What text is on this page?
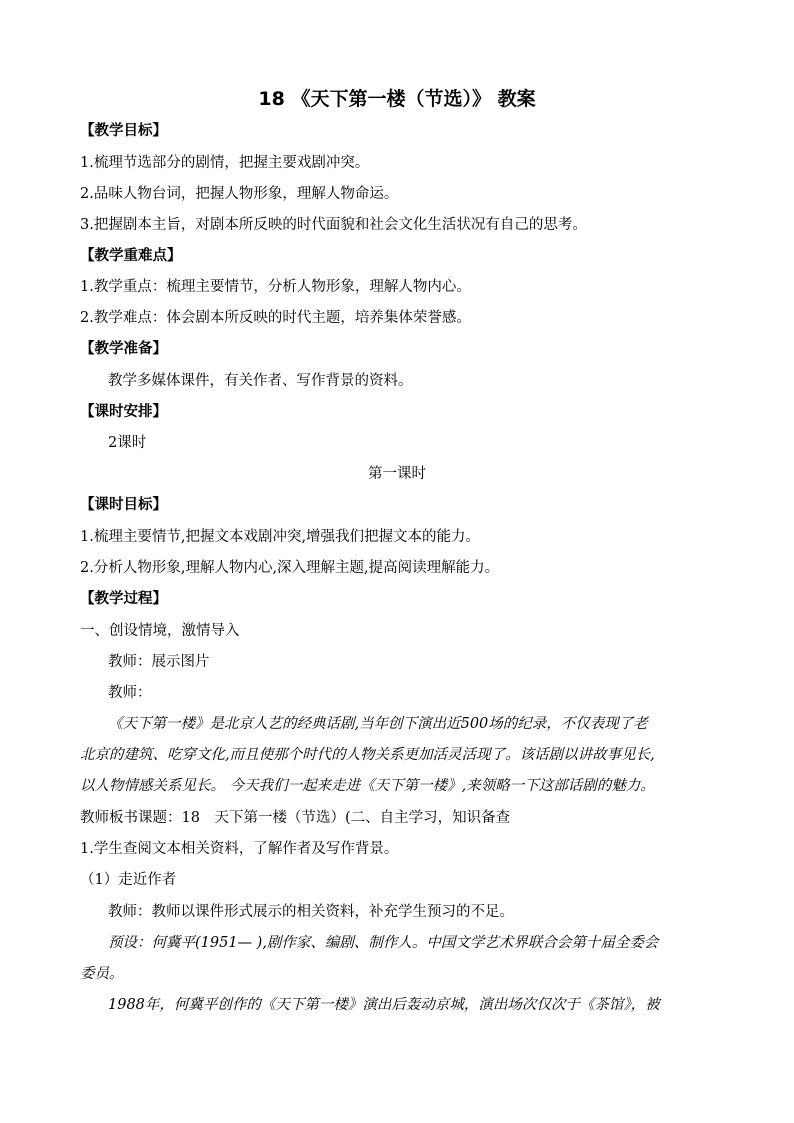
18 《天下第一楼（节选）》 教案
【教学目标】
1.梳理节选部分的剧情，把握主要戏剧冲突。
2.品味人物台词，把握人物形象，理解人物命运。
3.把握剧本主旨，对剧本所反映的时代面貌和社会文化生活状况有自己的思考。
【教学重难点】
1.教学重点：梳理主要情节，分析人物形象，理解人物内心。
2.教学难点：体会剧本所反映的时代主题，培养集体荣誉感。
【教学准备】
教学多媒体课件，有关作者、写作背景的资料。
【课时安排】
2课时
第一课时
【课时目标】
1.梳理主要情节,把握文本戏剧冲突,增强我们把握文本的能力。
2.分析人物形象,理解人物内心,深入理解主题,提高阅读理解能力。
【教学过程】
一、创设情境，激情导入
教师：展示图片
教师：
《天下第一楼》是北京人艺的经典话剧,当年创下演出近500场的纪录，不仅表现了老
北京的建筑、吃穿文化,而且使那个时代的人物关系更加活灵活现了。该话剧以讲故事见长,
以人物情感关系见长。 今天我们一起来走进《天下第一楼》,来领略一下这部话剧的魅力。
教师板书课题：18　天下第一楼（节选）(二、自主学习，知识备查
1.学生查阅文本相关资料，了解作者及写作背景。
（1）走近作者
教师：教师以课件形式展示的相关资料，补充学生预习的不足。
预设：何冀平(1951— ),剧作家、编剧、制作人。中国文学艺术界联合会第十届全委会
委员。
1988年，何冀平创作的《天下第一楼》演出后轰动京城，演出场次仅次于《茶馆》，被
